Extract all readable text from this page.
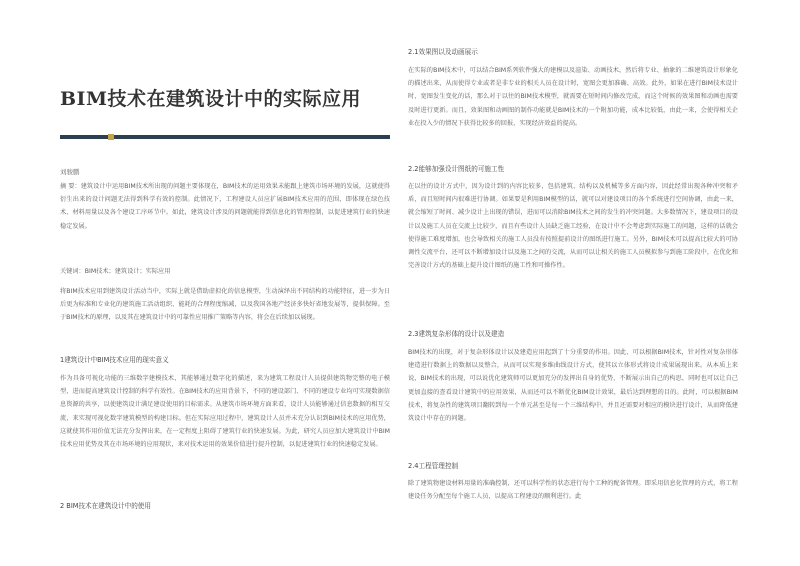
BIM技术在建筑设计中的实际应用
刘骏鹏

摘 要：建筑设计中运用BIM技术所出现的问题主要体现在，BIM技术的运用效果未能跟上建筑市场环境的发展，这就使得衍生出来的设计问题无法得到科学有效的控制。此情况下，工程建设人员应扩展BIM技术应用的范围，即体现在绿色技术、材料用量以及各个建设工序环节中。如此，建筑设计涉及的问题就能得到信息化的管理控制，以促进建筑行业的快速稳定发展。

关键词：BIM技术；建筑设计；实际应用

将BIM技术应用到建筑设计活动当中，实际上就是借助虚拟化的信息模型，生动演绎出不同结构的功能特征，进一步为日后更为标准和专业化的建筑施工活动组织、能耗的合理程度缩减，以及我国各地产经济多快好省地发展等，提供保障。至于BIM技术的原理，以及其在建筑设计中的可靠性应用推广策略等内容，将会在后续加以展现。

1建筑设计中BIM技术应用的现实意义

作为具备可视化功能的三维数字建模技术，其能够通过数字化的描述，来为建筑工程设计人员提供建筑物完整的电子模型，进而提高建筑设计控制的科学有效性。在BIM技术的应用背景下，不同的建设部门、不同的建设专业均可实现数据信息资源的共享，以使建筑设计满足建设使用的目标需求。从建筑市场环境方面来看，设计人员能够通过信息数据的相互交流，来实现可视化数字建筑模型的构建目标。但在实际应用过程中，建筑设计人员并未充分认识到BIM技术的应用优势，这就使其作用价值无法充分发挥出来，在一定程度上阻碍了建筑行业的快速发展。为此，研究人员应加大建筑设计中BIM技术应用优势及其在市场环境的应用现状，来对技术运用的效果价值进行提升控制，以促进建筑行业的快速稳定发展。

2 BIM技术在建筑设计中的使用

2.1效果图以及动画展示

在实际的BIM技术中，可以结合BIM系列软件强大的建模以及渲染、动画技术，然后将专业、抽象的二维建筑设计形象化的描述出来，从而使得专业或者是非专业的相关人员在设计时，宽图会更加准确、高效。此外，如果在进行BIM技术设计时，宽图发生变化的话，那么对于以往的BIM技术模型，就需要在短时间内修改完成，而这个时候的效果图和动画也需要及时进行更新。而且，效果图和动画图的制作功能就是BIM技术的一个附加功能，成本比较低，由此一来，会使得相关企业在投入少的情况下获得比较多的回报，实现经济效益的提高。

2.2能够加强设计图纸的可施工性

在以往的设计方式中，因为设计到的内容比较多，包括建筑、结构以及机械等多方面内容，因此经常出现各种冲突和矛盾，而且短时间内很难进行协调。如果要是利用BIM模型的话，就可以对建设项目的各个系统进行空间协调，由此一来，就会缩短了时间、减少设计上出现的错误，进而可以消除BIM技术之间的发生的冲突问题。大多数情况下，建设项目的设计以及施工人员在交流上比较少，而且有些设计人员缺乏施工经验，在设计中不会考虑到实际施工的问题，这样的话就会使得施工难度增加，也会导致相关的施工人员没有按照提前设计的图纸进行施工。另外，BIM技术可以提高比较大的可协调性交流平台，还可以不断增加设计以及施工之间的交流，从而可以让相关的施工人员模拟参与到施工阶段中，在优化和完善设计方式的基础上提升设计图纸的施工性和可操作性。

2.3建筑复杂形体的设计以及建造

BIM技术的出现，对于复杂形体设计以及建造应用起到了十分重要的作用。因此，可以根据BIM技术，针对性对复杂形体建造进行数据上的数据以及整合，从而可以实现多维曲线设计方式，使其以立体形式将设计成果展现出来。从本质上来说，BIM技术的出现，可以说优化建筑师可以更加充分的发挥出自身的优势，不断展示出自己的构思，同时也可以让自己更加直接的查看设计建筑中的应用效果，从而还可以不断优化BIM设计效果，最后达到理想的目的。此时，可以根据BIM技术，将复杂性的建筑项目翻转到每一个单元甚至是每一个三维结构中，并且还需要对相应的模块进行设计，从而降低建筑设计中存在的问题。

2.4工程管理控制

除了建筑物建设材料用量的准确控制，还可以科学性的状态进行每个工种的配备管理。即采用信息化管理的方式，将工程建设任务分配至每个施工人员，以提高工程建设的顺利进行。此
